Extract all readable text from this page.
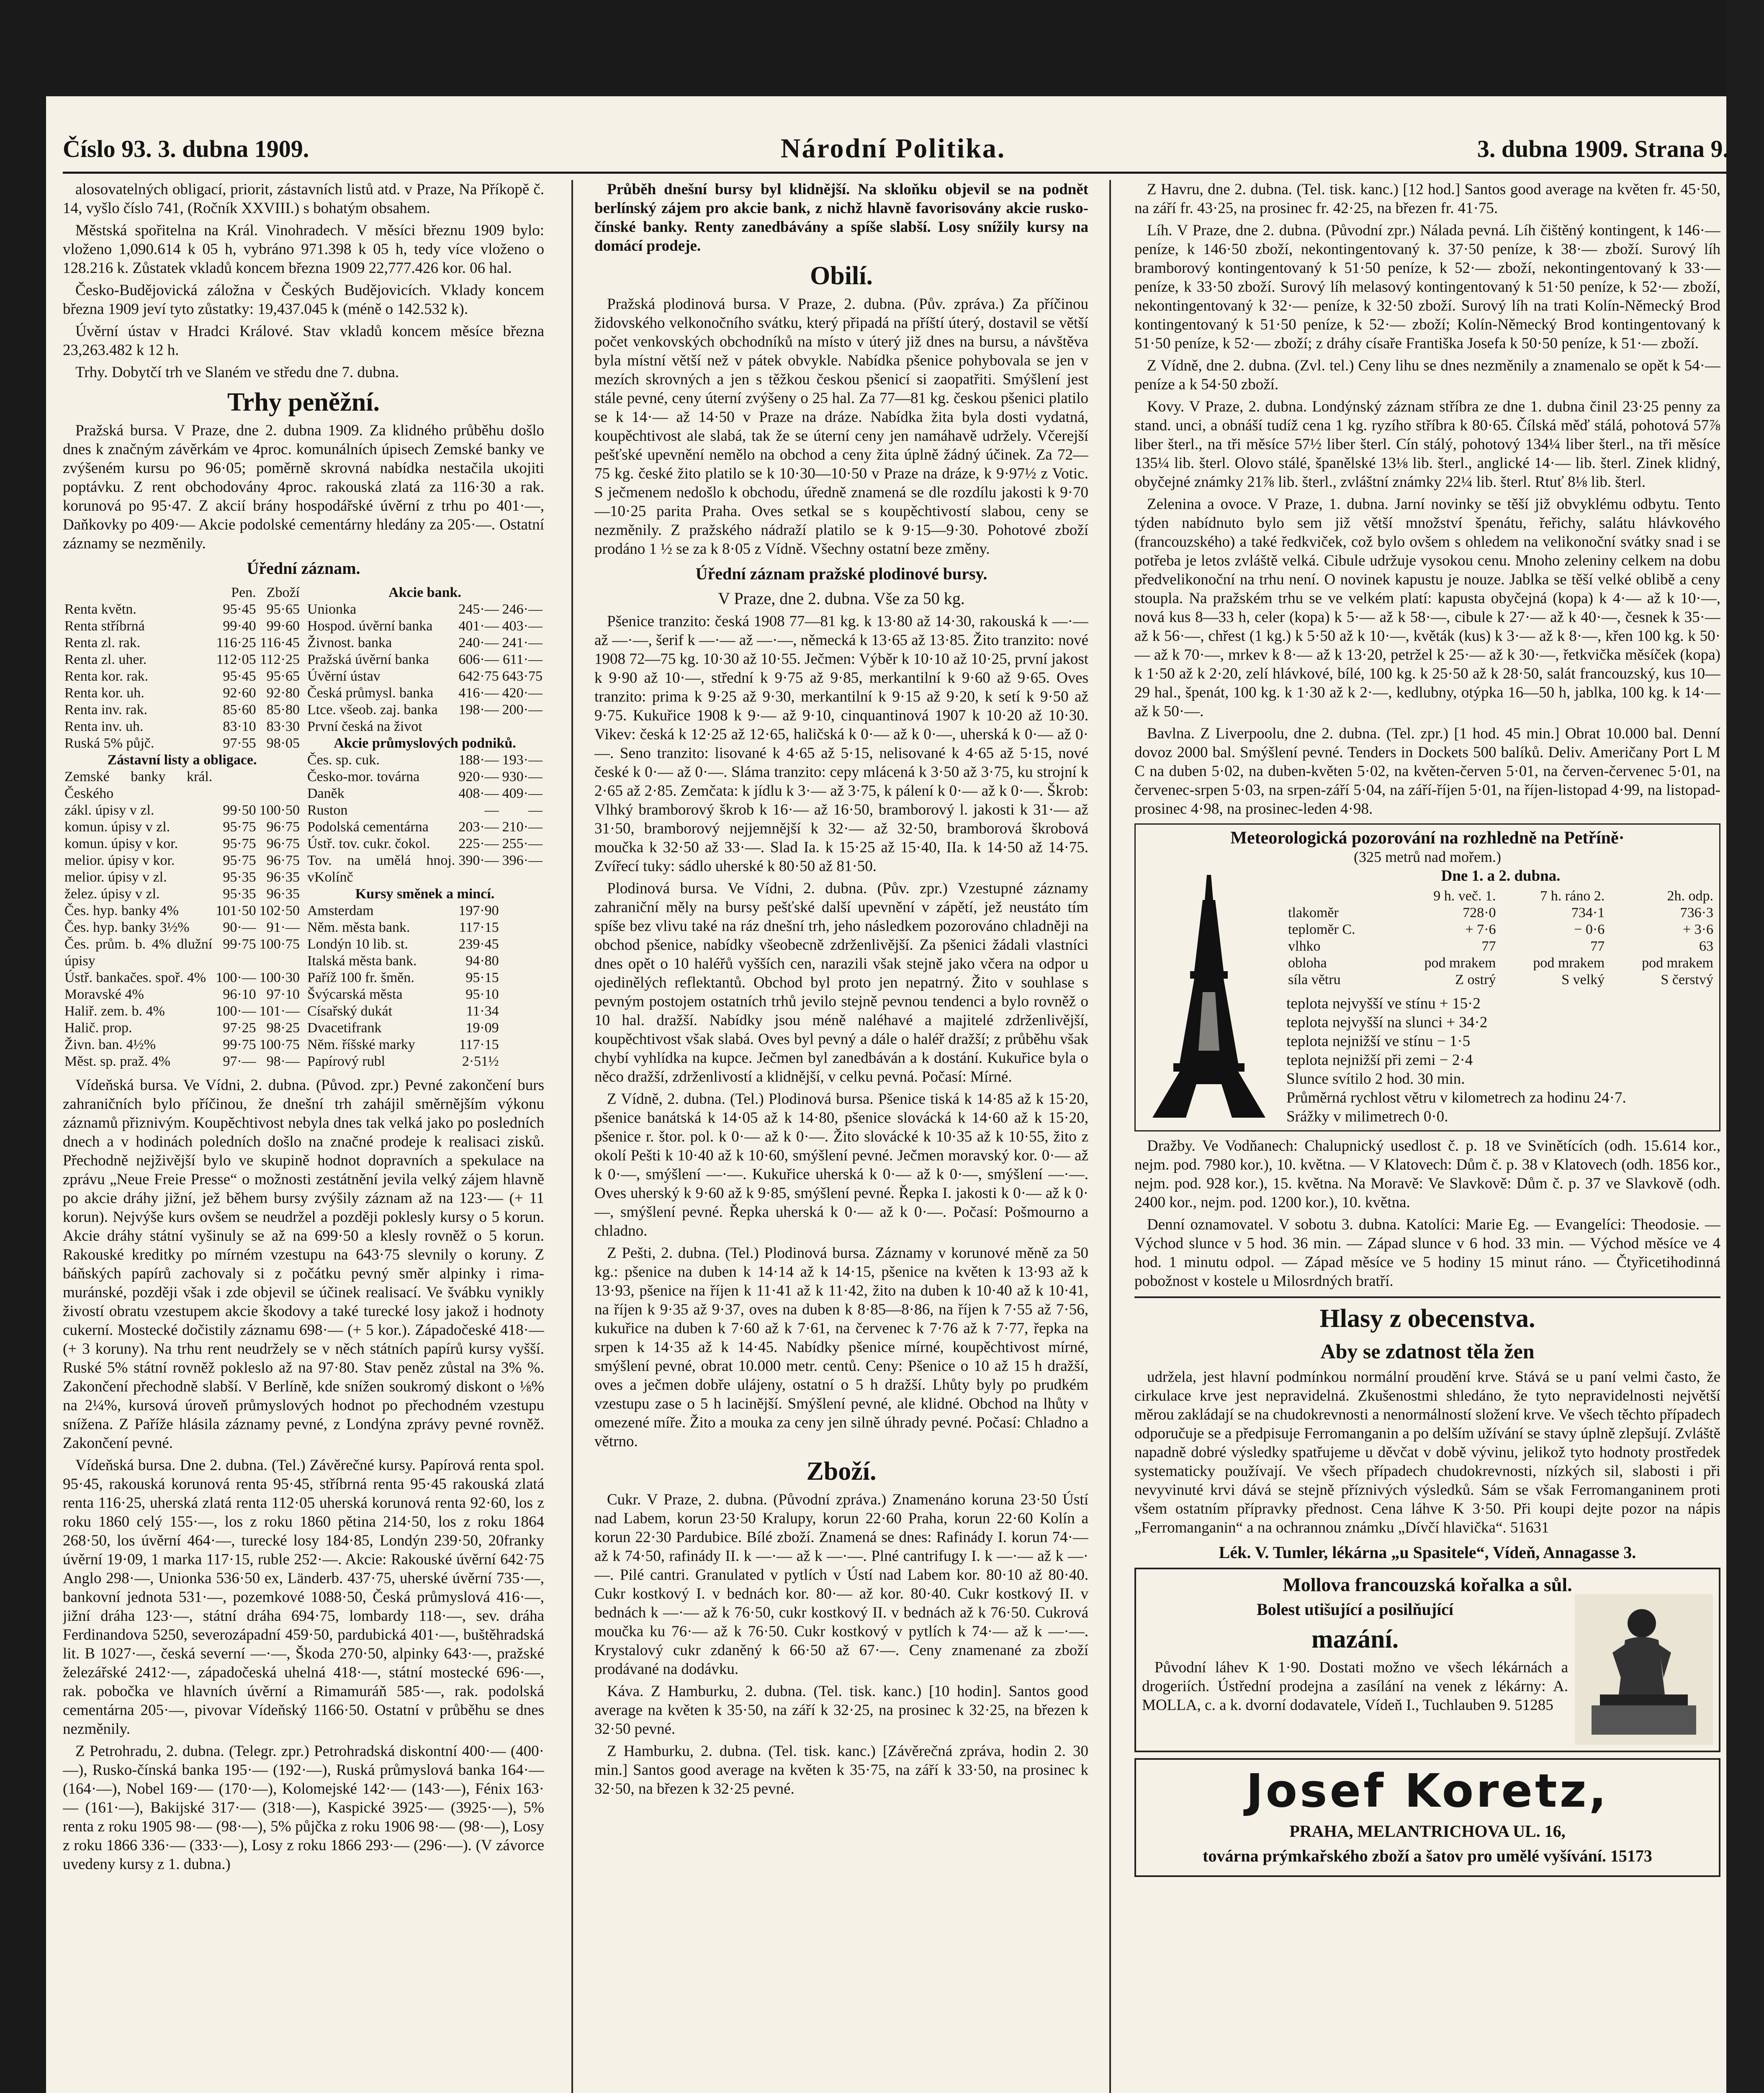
Číslo 93. 3. dubna 1909.	Národní Politika.	3. dubna 1909. Strana 9.

alosovatelných obligací, priorit, zástavních listů atd. v Praze, Na Příkopě č. 14, vyšlo číslo 741, (Ročník XXVIII.) s bohatým obsahem.

Městská spořitelna na Král. Vinohradech. V měsíci březnu 1909 bylo: vloženo 1,090.614 k 05 h, vybráno 971.398 k 05 h, tedy více vloženo o 128.216 k. Zůstatek vkladů koncem března 1909 22,777.426 kor. 06 hal.

Česko-Budějovická záložna v Českých Budějovicích. Vklady koncem března 1909 jeví tyto zůstatky: 19,437.045 k (méně o 142.532 k).

Úvěrní ústav v Hradci Králové. Stav vkladů koncem měsíce března 23,263.482 k 12 h.

Trhy. Dobytčí trh ve Slaném ve středu dne 7. dubna.

Trhy peněžní.

Pražská bursa. V Praze, dne 2. dubna 1909. Za klidného průběhu došlo dnes k značným závěrkám ve 4proc. komunálních úpisech Zemské banky ve zvýšeném kursu po 96·05; poměrně skrovná nabídka nestačila ukojiti poptávku. Z rent obchodovány 4proc. rakouská zlatá za 116·30 a rak. korunová po 95·47. Z akcií brány hospodářské úvěrní z trhu po 401·—, Daňkovky po 409·— Akcie podolské cementárny hledány za 205·—. Ostatní záznamy se nezměnily.

Úřední záznam.
	Pen.	Zboží
Renta květn.	95·45	95·65
Renta stříbrná	99·40	99·60
Renta zl. rak.	116·25	116·45
Renta zl. uher.	112·05	112·25
Renta kor. rak.	95·45	95·65
Renta kor. uh.	92·60	92·80
Renta inv. rak.	85·60	85·80
Renta inv. uh.	83·10	83·30
Ruská 5% půjč.	97·55	98·05
Zástavní listy a obligace.		
Zemské banky král. Českého		
zákl. úpisy v zl.	99·50	100·50
komun. úpisy v zl.	95·75	96·75
komun. úpisy v kor.	95·75	96·75
melior. úpisy v kor.	95·75	96·75
melior. úpisy v zl.	95·35	96·35
želez. úpisy v zl.	95·35	96·35
Čes. hyp. banky 4%	101·50	102·50
Čes. hyp. banky 3½%	90·—	91·—
Čes. prům. b. 4% dlužní úpisy	99·75	100·75
Ústř. bankačes. spoř. 4%	100·—	100·30
Moravské 4%	96·10	97·10
Haliř. zem. b. 4%	100·—	101·—
Halič. prop.	97·25	98·25
Živn. ban. 4½%	99·75	100·75
Měst. sp. praž. 4%	97·—	98·—
Akcie bank.		
Unionka	245·—	246·—
Hospod. úvěrní banka	401·—	403·—
Živnost. banka	240·—	241·—
Pražská úvěrní banka	606·—	611·—
Úvěrní ústav	642·75	643·75
Česká průmysl. banka	416·—	420·—
Ltce. všeob. zaj. banka	198·—	200·—
První česká na život		
Akcie průmyslových podniků.		
Čes. sp. cuk.	188·—	193·—
Česko-mor. továrna	920·—	930·—
Daněk	408·—	409·—
Ruston	—	—
Podolská cementárna	203·—	210·—
Ústř. tov. cukr. čokol.	225·—	255·—
Tov. na umělá hnoj. vKolínč	390·—	396·—
Kursy směnek a mincí.		
Amsterdam	197·90	
Něm. města bank.	117·15	
Londýn 10 lib. st.	239·45	
Italská města bank.	94·80	
Paříž 100 fr. šměn.	95·15	
Švýcarská města	95·10	
Císařský dukát	11·34	
Dvacetifrank	19·09	
Něm. říšské marky	117·15	
Papírový rubl	2·51½	

Vídeňská bursa. Ve Vídni, 2. dubna. (Původ. zpr.) Pevné zakončení burs zahraničních bylo příčinou, že dnešní trh zahájil směrnějším výkonu záznamů přiznivým. Koupěchtivost nebyla dnes tak velká jako po posledních dnech a v hodinách poledních došlo na značné prodeje k realisaci zisků. Přechodně nejživější bylo ve skupině hodnot dopravních a spekulace na zprávu „Neue Freie Presse“ o možnosti zestátnění jevila velký zájem hlavně po akcie dráhy jižní, jež během bursy zvýšily záznam až na 123·— (+ 11 korun). Nejvýše kurs ovšem se neudržel a později poklesly kursy o 5 korun. Akcie dráhy státní vyšinuly se až na 699·50 a klesly rovněž o 5 korun. Rakouské kreditky po mírném vzestupu na 643·75 slevnily o koruny. Z báňských papírů zachovaly si z počátku pevný směr alpinky i rima-muránské, později však i zde objevil se účinek realisací. Ve švábku vynikly živostí obratu vzestupem akcie škodovy a také turecké losy jakož i hodnoty cukerní. Mostecké dočistily záznamu 698·— (+ 5 kor.). Západočeské 418·— (+ 3 koruny). Na trhu rent neudržely se v něch státních papírů kursy vyšší. Ruské 5% státní rovněž pokleslo až na 97·80. Stav peněz zůstal na 3% %. Zakončení přechodně slabší. V Berlíně, kde snížen soukromý diskont o ⅛% na 2¼%, kursová úroveň průmyslových hodnot po přechodném vzestupu snížena. Z Paříže hlásila záznamy pevné, z Londýna zprávy pevné rovněž. Zakončení pevné.

Vídeňská bursa. Dne 2. dubna. (Tel.) Závěrečné kursy. Papírová renta spol. 95·45, rakouská korunová renta 95·45, stříbrná renta 95·45 rakouská zlatá renta 116·25, uherská zlatá renta 112·05 uherská korunová renta 92·60, los z roku 1860 celý 155·—, los z roku 1860 pětina 214·50, los z roku 1864 268·50, los úvěrní 464·—, turecké losy 184·85, Londýn 239·50, 20franky úvěrní 19·09, 1 marka 117·15, ruble 252·—. Akcie: Rakouské úvěrní 642·75 Anglo 298·—, Unionka 536·50 ex, Länderb. 437·75, uherské úvěrní 735·—, bankovní jednota 531·—, pozemkové 1088·50, Česká průmyslová 416·—, jižní dráha 123·—, státní dráha 694·75, lombardy 118·—, sev. dráha Ferdinandova 5250, severozápadní 459·50, pardubická 401·—, buštěhradská lit. B 1027·—, česká severní —·—, Škoda 270·50, alpinky 643·—, pražské železářské 2412·—, západočeská uhelná 418·—, státní mostecké 696·—, rak. pobočka ve hlavních úvěrní a Rimamuráň 585·—, rak. podolská cementárna 205·—, pivovar Vídeňský 1166·50. Ostatní v průběhu se dnes nezměnily.

Z Petrohradu, 2. dubna. (Telegr. zpr.) Petrohradská diskontní 400·— (400·—), Rusko-čínská banka 195·— (192·—), Ruská průmyslová banka 164·— (164·—), Nobel 169·— (170·—), Kolomejské 142·— (143·—), Fénix 163·— (161·—), Bakijské 317·— (318·—), Kaspické 3925·— (3925·—), 5% renta z roku 1905 98·— (98·—), 5% půjčka z roku 1906 98·— (98·—), Losy z roku 1866 336·— (333·—), Losy z roku 1866 293·— (296·—). (V závorce uvedeny kursy z 1. dubna.)

Průběh dnešní bursy byl klidnější. Na skloňku objevil se na podnět berlínský zájem pro akcie bank, z nichž hlavně favorisovány akcie rusko-čínské banky. Renty zanedbávány a spíše slabší. Losy snížily kursy na domácí prodeje.

Obilí.

Pražská plodinová bursa. V Praze, 2. dubna. (Pův. zpráva.) Za příčinou židovského velkonočního svátku, který připadá na příští úterý, dostavil se větší počet venkovských obchodníků na místo v úterý již dnes na bursu, a návštěva byla místní větší než v pátek obvykle. Nabídka pšenice pohybovala se jen v mezích skrovných a jen s těžkou českou pšenicí si zaopatřiti. Smýšlení jest stále pevné, ceny úterní zvýšeny o 25 hal. Za 77—81 kg. českou pšenici platilo se k 14·— až 14·50 v Praze na dráze. Nabídka žita byla dosti vydatná, koupěchtivost ale slabá, tak že se úterní ceny jen namáhavě udržely. Včerejší pešťské upevnění nemělo na obchod a ceny žita úplně žádný účinek. Za 72—75 kg. české žito platilo se k 10·30—10·50 v Praze na dráze, k 9·97½ z Votic. S ječmenem nedošlo k obchodu, úředně znamená se dle rozdílu jakosti k 9·70—10·25 parita Praha. Oves setkal se s koupěchtivostí slabou, ceny se nezměnily. Z pražského nádraží platilo se k 9·15—9·30. Pohotové zboží prodáno 1 ½ se za k 8·05 z Vídně. Všechny ostatní beze změny.

Úřední záznam pražské plodinové bursy.
V Praze, dne 2. dubna. Vše za 50 kg.

Pšenice tranzito: česká 1908 77—81 kg. k 13·80 až 14·30, rakouská k —·— až —·—, šerif k —·— až —·—, německá k 13·65 až 13·85. Žito tranzito: nové 1908 72—75 kg. 10·30 až 10·55. Ječmen: Výběr k 10·10 až 10·25, první jakost k 9·90 až 10·—, střední k 9·75 až 9·85, merkantilní k 9·60 až 9·65. Oves tranzito: prima k 9·25 až 9·30, merkantilní k 9·15 až 9·20, k setí k 9·50 až 9·75. Kukuřice 1908 k 9·— až 9·10, cinquantinová 1907 k 10·20 až 10·30. Vikev: česká k 12·25 až 12·65, haličská k 0·— až k 0·—, uherská k 0·— až 0·—. Seno tranzito: lisované k 4·65 až 5·15, nelisované k 4·65 až 5·15, nové české k 0·— až 0·—. Sláma tranzito: cepy mlácená k 3·50 až 3·75, ku strojní k 2·65 až 2·85. Zemčata: k jídlu k 3·— až 3·75, k pálení k 0·— až k 0·—. Škrob: Vlhký bramborový škrob k 16·— až 16·50, bramborový l. jakosti k 31·— až 31·50, bramborový nejjemnější k 32·— až 32·50, bramborová škrobová moučka k 32·50 až 33·—. Slad Ia. k 15·25 až 15·40, IIa. k 14·50 až 14·75. Zvířecí tuky: sádlo uherské k 80·50 až 81·50.

Plodinová bursa. Ve Vídni, 2. dubna. (Pův. zpr.) Vzestupné záznamy zahraniční měly na bursy pešťské další upevnění v zápětí, jež neustáto tím spíše bez vlivu také na ráz dnešní trh, jeho následkem pozorováno chladněji na obchod pšenice, nabídky všeobecně zdrženlivější. Za pšenici žádali vlastníci dnes opět o 10 haléřů vyšších cen, narazili však stejně jako včera na odpor u ojedinělých reflektantů. Obchod byl proto jen nepatrný. Žito v souhlase s pevným postojem ostatních trhů jevilo stejně pevnou tendenci a bylo rovněž o 10 hal. dražší. Nabídky jsou méně naléhavé a majitelé zdrženlivější, koupěchtivost však slabá. Oves byl pevný a dále o haléř dražší; z průběhu však chybí vyhlídka na kupce. Ječmen byl zanedbáván a k dostání. Kukuřice byla o něco dražší, zdrženlivostí a klidnější, v celku pevná. Počasí: Mírné.

Z Vídně, 2. dubna. (Tel.) Plodinová bursa. Pšenice tiská k 14·85 až k 15·20, pšenice banátská k 14·05 až k 14·80, pšenice slovácká k 14·60 až k 15·20, pšenice r. štor. pol. k 0·— až k 0·—. Žito slovácké k 10·35 až k 10·55, žito z okolí Pešti k 10·40 až k 10·60, smýšlení pevné. Ječmen moravský kor. 0·— až k 0·—, smýšlení —·—. Kukuřice uherská k 0·— až k 0·—, smýšlení —·—. Oves uherský k 9·60 až k 9·85, smýšlení pevné. Řepka I. jakosti k 0·— až k 0·—, smýšlení pevné. Řepka uherská k 0·— až k 0·—. Počasí: Pošmourno a chladno.

Z Pešti, 2. dubna. (Tel.) Plodinová bursa. Záznamy v korunové měně za 50 kg.: pšenice na duben k 14·14 až k 14·15, pšenice na květen k 13·93 až k 13·93, pšenice na říjen k 11·41 až k 11·42, žito na duben k 10·40 až k 10·41, na říjen k 9·35 až 9·37, oves na duben k 8·85—8·86, na říjen k 7·55 až 7·56, kukuřice na duben k 7·60 až k 7·61, na červenec k 7·76 až k 7·77, řepka na srpen k 14·35 až k 14·45. Nabídky pšenice mírné, koupěchtivost mírné, smýšlení pevné, obrat 10.000 metr. centů. Ceny: Pšenice o 10 až 15 h dražší, oves a ječmen dobře ulájeny, ostatní o 5 h dražší. Lhůty byly po prudkém vzestupu zase o 5 h lacinější. Smýšlení pevné, ale klidné. Obchod na lhůty v omezené míře. Žito a mouka za ceny jen silně úhrady pevné. Počasí: Chladno a větrno.

Zboží.

Cukr. V Praze, 2. dubna. (Původní zpráva.) Znamenáno koruna 23·50 Ústí nad Labem, korun 23·50 Kralupy, korun 22·60 Praha, korun 22·60 Kolín a korun 22·30 Pardubice. Bílé zboží. Znamená se dnes: Rafinády I. korun 74·— až k 74·50, rafinády II. k —·— až k —·—. Plné cantrifugy I. k —·— až k —·—. Pilé cantri. Granulated v pytlích v Ústí nad Labem kor. 80·10 až 80·40. Cukr kostkový I. v bednách kor. 80·— až kor. 80·40. Cukr kostkový II. v bednách k —·— až k 76·50, cukr kostkový II. v bednách až k 76·50. Cukrová moučka ku 76·— až k 76·50. Cukr kostkový v pytlích k 74·— až k —·—. Krystalový cukr zdaněný k 66·50 až 67·—. Ceny znamenané za zboží prodávané na dodávku.

Káva. Z Hamburku, 2. dubna. (Tel. tisk. kanc.) [10 hodin]. Santos good average na květen k 35·50, na září k 32·25, na prosinec k 32·25, na březen k 32·50 pevné.

Z Hamburku, 2. dubna. (Tel. tisk. kanc.) [Závěrečná zpráva, hodin 2. 30 min.] Santos good average na květen k 35·75, na září k 33·50, na prosinec k 32·50, na březen k 32·25 pevné.

Z Havru, dne 2. dubna. (Tel. tisk. kanc.) [12 hod.] Santos good average na květen fr. 45·50, na září fr. 43·25, na prosinec fr. 42·25, na březen fr. 41·75.

Líh. V Praze, dne 2. dubna. (Původní zpr.) Nálada pevná. Líh čištěný kontingent, k 146·— peníze, k 146·50 zboží, nekontingentovaný k. 37·50 peníze, k 38·— zboží. Surový líh bramborový kontingentovaný k 51·50 peníze, k 52·— zboží, nekontingentovaný k 33·— peníze, k 33·50 zboží. Surový líh melasový kontingentovaný k 51·50 peníze, k 52·— zboží, nekontingentovaný k 32·— peníze, k 32·50 zboží. Surový líh na trati Kolín-Německý Brod kontingentovaný k 51·50 peníze, k 52·— zboží; Kolín-Německý Brod kontingentovaný k 51·50 peníze, k 52·— zboží; z dráhy císaře Františka Josefa k 50·50 peníze, k 51·— zboží.

Z Vídně, dne 2. dubna. (Zvl. tel.) Ceny lihu se dnes nezměnily a znamenalo se opět k 54·— peníze a k 54·50 zboží.

Kovy. V Praze, 2. dubna. Londýnský záznam stříbra ze dne 1. dubna činil 23·25 penny za stand. unci, a obnáší tudíž cena 1 kg. ryzího stříbra k 80·65. Čílská měď stálá, pohotová 57⅞ liber šterl., na tři měsíce 57½ liber šterl. Cín stálý, pohotový 134¼ liber šterl., na tři měsíce 135¼ lib. šterl. Olovo stálé, španělské 13⅛ lib. šterl., anglické 14·— lib. šterl. Zinek klidný, obyčejné známky 21⅞ lib. šterl., zvláštní známky 22¼ lib. šterl. Rtuť 8⅛ lib. šterl.

Zelenina a ovoce. V Praze, 1. dubna. Jarní novinky se těší již obvyklému odbytu. Tento týden nabídnuto bylo sem již větší množství špenátu, řeřichy, salátu hlávkového (francouzského) a také ředkviček, což bylo ovšem s ohledem na velikonoční svátky snad i se potřeba je letos zvláště velká. Cibule udržuje vysokou cenu. Mnoho zeleniny celkem na dobu předvelikonoční na trhu není. O novinek kapustu je nouze. Jablka se těší velké oblibě a ceny stoupla. Na pražském trhu se ve velkém platí: kapusta obyčejná (kopa) k 4·— až k 10·—, nová kus 8—33 h, celer (kopa) k 5·— až k 58·—, cibule k 27·— až k 40·—, česnek k 35·— až k 56·—, chřest (1 kg.) k 5·50 až k 10·—, květák (kus) k 3·— až k 8·—, křen 100 kg. k 50·— až k 70·—, mrkev k 8·— až k 13·20, petržel k 25·— až k 30·—, řetkvička měsíček (kopa) k 1·50 až k 2·20, zelí hlávkové, bílé, 100 kg. k 25·50 až k 28·50, salát francouzský, kus 10—29 hal., špenát, 100 kg. k 1·30 až k 2·—, kedlubny, otýpka 16—50 h, jablka, 100 kg. k 14·— až k 50·—.

Bavlna. Z Liverpoolu, dne 2. dubna. (Tel. zpr.) [1 hod. 45 min.] Obrat 10.000 bal. Denní dovoz 2000 bal. Smýšlení pevné. Tenders in Dockets 500 balíků. Deliv. Američany Port L M C na duben 5·02, na duben-květen 5·02, na květen-červen 5·01, na červen-červenec 5·01, na červenec-srpen 5·03, na srpen-září 5·04, na září-říjen 5·01, na říjen-listopad 4·99, na listopad-prosinec 4·98, na prosinec-leden 4·98.

Meteorologická pozorování na rozhledně na Petříně·
(325 metrů nad mořem.)
Dne 1. a 2. dubna.
	9 h. več. 1.	7 h. ráno 2.	2h. odp.
tlakoměr	728·0	734·1	736·3
teploměr C.	+ 7·6	− 0·6	+ 3·6
vlhko	77	77	63
obloha	pod mrakem	pod mrakem	pod mrakem
síla větru	Z ostrý	S velký	S čerstvý
teplota nejvyšší ve stínu + 15·2
teplota nejvyšší na slunci + 34·2
teplota nejnižší ve stínu − 1·5
teplota nejnižší při zemi − 2·4
Slunce svítilo 2 hod. 30 min.
Průměrná rychlost větru v kilometrech za hodinu 24·7.
Srážky v milimetrech 0·0.

Dražby. Ve Vodňanech: Chalupnický usedlost č. p. 18 ve Svinětících (odh. 15.614 kor., nejm. pod. 7980 kor.), 10. května. — V Klatovech: Dům č. p. 38 v Klatovech (odh. 1856 kor., nejm. pod. 928 kor.), 15. května. Na Moravě: Ve Slavkově: Dům č. p. 37 ve Slavkově (odh. 2400 kor., nejm. pod. 1200 kor.), 10. května.

Denní oznamovatel. V sobotu 3. dubna. Katolíci: Marie Eg. — Evangelíci: Theodosie. — Východ slunce v 5 hod. 36 min. — Západ slunce v 6 hod. 33 min. — Východ měsíce ve 4 hod. 1 minutu odpol. — Západ měsíce ve 5 hodiny 15 minut ráno. — Čtyřicetihodinná pobožnost v kostele u Milosrdných bratří.

Hlasy z obecenstva.
Aby se zdatnost těla žen

udržela, jest hlavní podmínkou normální proudění krve. Stává se u paní velmi často, že cirkulace krve jest nepravidelná. Zkušenostmi shledáno, že tyto nepravidelnosti největší měrou zakládají se na chudokrevnosti a nenormálností složení krve. Ve všech těchto případech odporučuje se a předpisuje Ferromanganin a po delším užívání se stavy úplně zlepšují. Zvláště napadně dobré výsledky spatřujeme u děvčat v době vývinu, jelikož tyto hodnoty prostředek systematicky používají. Ve všech případech chudokrevnosti, nízkých sil, slabosti i při nevyvinuté krvi dává se stejně příznivých výsledků. Sám se však Ferromanganinem proti všem ostatním přípravky přednost. Cena láhve K 3·50. Při koupi dejte pozor na nápis „Ferromanganin“ a na ochrannou známku „Dívčí hlavička“. 51631

Lék. V. Tumler, lékárna „u Spasitele“, Vídeň, Annagasse 3.
Mollova francouzská kořalka a sůl.
Bolest utišující a posilňující
mazání.

Původní láhev K 1·90. Dostati možno ve všech lékárnách a drogeriích. Ústřední prodejna a zasílání na venek z lékárny: A. MOLLA, c. a k. dvorní dodavatele, Vídeň I., Tuchlauben 9. 51285

Josef Koretz,
PRAHA, MELANTRICHOVA UL. 16,
továrna prýmkařského zboží a šatov pro umělé vyšívání. 15173
